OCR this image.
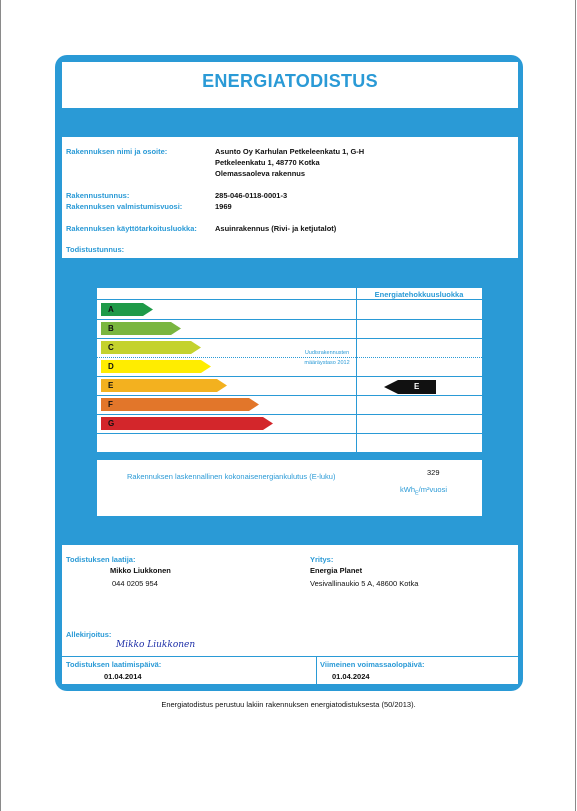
ENERGIATODISTUS
Rakennuksen nimi ja osoite:	Asunto Oy Karhulan Petkeleenkatu 1, G-H
Petkeleenkatu 1, 48770 Kotka
Olemassaoleva rakennus
Rakennustunnus:	285-046-0118-0001-3
Rakennuksen valmistumisvuosi:	1969
Rakennuksen käyttötarkoitusluokka: Asuinrakennus (Rivi- ja ketjutalot)
Todistustunnus:
Energiatehokkuusluokka
Uudisrakennusten
määräystaso 2012
A
B
C
D
E
F
G
E
Rakennuksen laskennallinen kokonaisenergiankulutus (E-luku)	329
kWh$_E$/m²vuosi
Todistuksen laatija:
Mikko Liukkonen
044 0205 954
Yritys:
Energia Planet
Vesivallinaukio 5 A, 48600 Kotka
Allekirjoitus:
Mikko Liukkonen
Todistuksen laatimispäivä:
01.04.2014
Viimeinen voimassaolopäivä:
01.04.2024
Energiatodistus perustuu lakiin rakennuksen energiatodistuksesta (50/2013).
